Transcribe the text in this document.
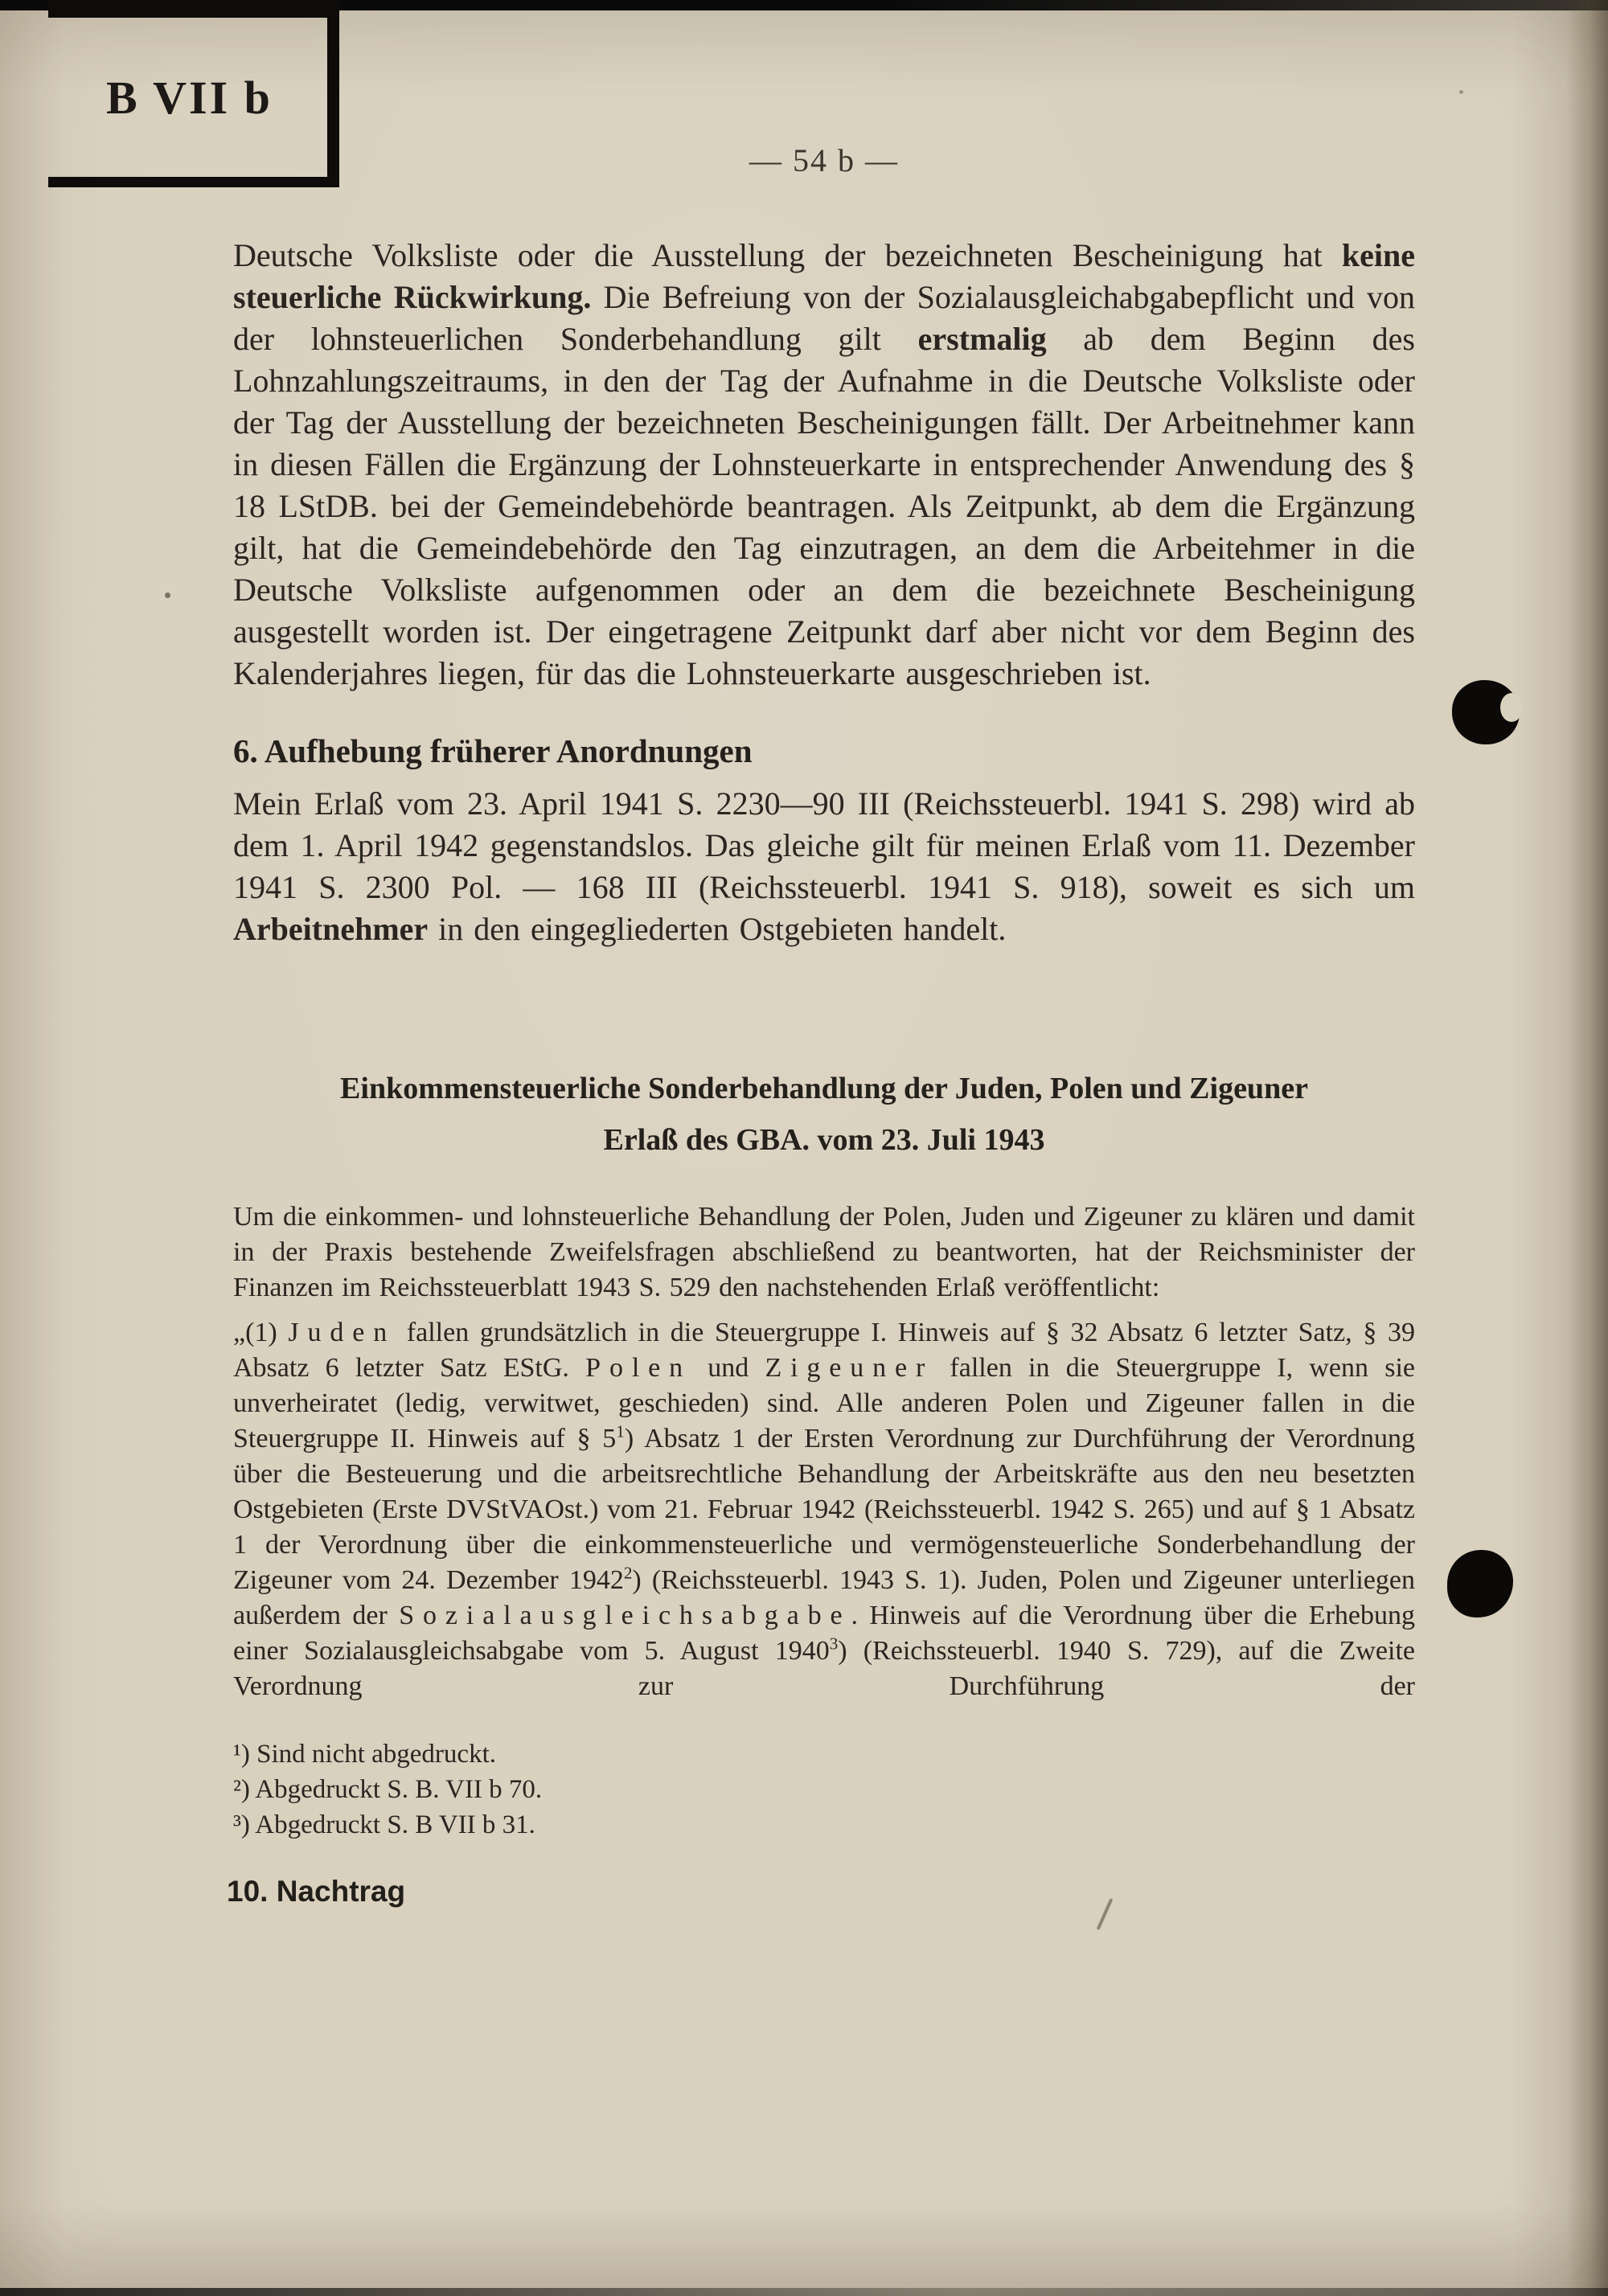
B VII b
— 54 b —

Deutsche Volksliste oder die Ausstellung der bezeichneten Bescheinigung hat keine steuerliche Rückwirkung. Die Befreiung von der Sozialausgleichabgabepflicht und von der lohnsteuerlichen Sonderbehandlung gilt erstmalig ab dem Beginn des Lohnzahlungszeitraums, in den der Tag der Aufnahme in die Deutsche Volksliste oder der Tag der Ausstellung der bezeichneten Bescheinigungen fällt. Der Arbeitnehmer kann in diesen Fällen die Ergänzung der Lohnsteuerkarte in entsprechender Anwendung des § 18 LStDB. bei der Gemeindebehörde beantragen. Als Zeitpunkt, ab dem die Ergänzung gilt, hat die Gemeindebehörde den Tag einzutragen, an dem die Arbeitehmer in die Deutsche Volksliste aufgenommen oder an dem die bezeichnete Bescheinigung ausgestellt worden ist. Der eingetragene Zeitpunkt darf aber nicht vor dem Beginn des Kalenderjahres liegen, für das die Lohnsteuerkarte ausgeschrieben ist.

6. Aufhebung früherer Anordnungen

Mein Erlaß vom 23. April 1941 S. 2230—90 III (Reichssteuerbl. 1941 S. 298) wird ab dem 1. April 1942 gegenstandslos. Das gleiche gilt für meinen Erlaß vom 11. Dezember 1941 S. 2300 Pol. — 168 III (Reichssteuerbl. 1941 S. 918), soweit es sich um Arbeitnehmer in den eingegliederten Ostgebieten handelt.

Einkommensteuerliche Sonderbehandlung der Juden, Polen und Zigeuner
Erlaß des GBA. vom 23. Juli 1943

Um die einkommen- und lohnsteuerliche Behandlung der Polen, Juden und Zigeuner zu klären und damit in der Praxis bestehende Zweifelsfragen abschließend zu beantworten, hat der Reichsminister der Finanzen im Reichssteuerblatt 1943 S. 529 den nachstehenden Erlaß veröffentlicht:

„(1) Juden fallen grundsätzlich in die Steuergruppe I. Hinweis auf § 32 Absatz 6 letzter Satz, § 39 Absatz 6 letzter Satz EStG. Polen und Zigeuner fallen in die Steuergruppe I, wenn sie unverheiratet (ledig, verwitwet, geschieden) sind. Alle anderen Polen und Zigeuner fallen in die Steuergruppe II. Hinweis auf § $5^1$) Absatz 1 der Ersten Verordnung zur Durchführung der Verordnung über die Besteuerung und die arbeitsrechtliche Behandlung der Arbeitskräfte aus den neu besetzten Ostgebieten (Erste DVStVAOst.) vom 21. Februar 1942 (Reichssteuerbl. 1942 S. 265) und auf § 1 Absatz 1 der Verordnung über die einkommensteuerliche und vermögensteuerliche Sonderbehandlung der Zigeuner vom 24. Dezember 1942$^2$) (Reichssteuerbl. 1943 S. 1). Juden, Polen und Zigeuner unterliegen außerdem der Sozialausgleichsabgabe. Hinweis auf die Verordnung über die Erhebung einer Sozialausgleichsabgabe vom 5. August 1940$^3$) (Reichssteuerbl. 1940 S. 729), auf die Zweite Verordnung zur Durchführung der

¹) Sind nicht abgedruckt.
²) Abgedruckt S. B. VII b 70.
³) Abgedruckt S. B VII b 31.
10. Nachtrag
